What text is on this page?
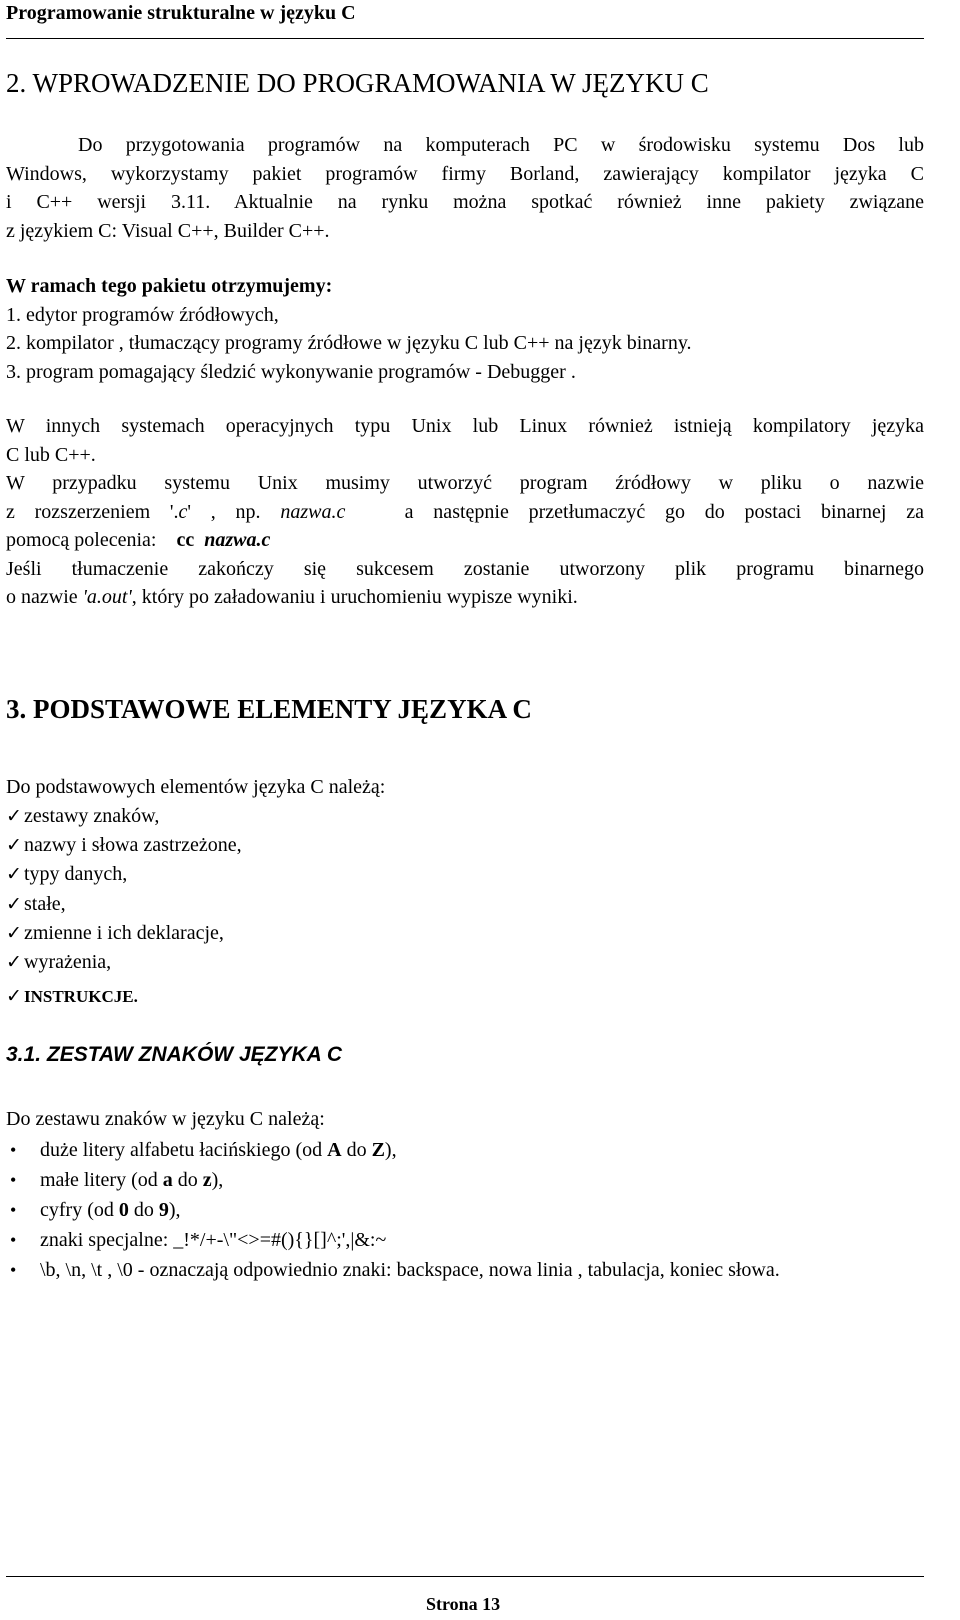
Programowanie strukturalne w języku C
2. WPROWADZENIE DO PROGRAMOWANIA W JĘZYKU C
Do przygotowania programów na komputerach PC w środowisku systemu Dos lub
Windows, wykorzystamy pakiet programów firmy Borland, zawierający kompilator języka C
i C++ wersji 3.11. Aktualnie na rynku można spotkać również inne pakiety związane
z językiem C: Visual C++, Builder C++.
W ramach tego pakietu otrzymujemy:
1. edytor programów źródłowych,
2. kompilator , tłumaczący programy źródłowe w języku C lub C++ na język binarny.
3. program pomagający śledzić wykonywanie programów - Debugger .
W innych systemach operacyjnych typu Unix lub Linux również istnieją kompilatory języka
C lub C++.
W przypadku systemu Unix musimy utworzyć program źródłowy w pliku o nazwie
z rozszerzeniem '.c' , np. nazwa.c   a następnie przetłumaczyć go do postaci binarnej za
pomocą polecenia:    cc nazwa.c
Jeśli tłumaczenie zakończy się sukcesem zostanie utworzony plik programu binarnego
o nazwie 'a.out', który po załadowaniu i uruchomieniu wypisze wyniki.
3. PODSTAWOWE ELEMENTY JĘZYKA C
Do podstawowych elementów języka C należą:
✓ zestawy znaków,
✓ nazwy i słowa zastrzeżone,
✓ typy danych,
✓ stałe,
✓ zmienne i ich deklaracje,
✓ wyrażenia,
✓ INSTRUKCJE.
3.1. ZESTAW ZNAKÓW JĘZYKA C
Do zestawu znaków w języku C należą:
• duże litery alfabetu łacińskiego (od A do Z),
• małe litery (od a do z),
• cyfry (od 0 do 9),
• znaki specjalne: _!*/+-\"<>=#(){}[]^;',|&:~
• \b, \n, \t , \0 - oznaczają odpowiednio znaki: backspace, nowa linia , tabulacja, koniec słowa.
Strona 13
